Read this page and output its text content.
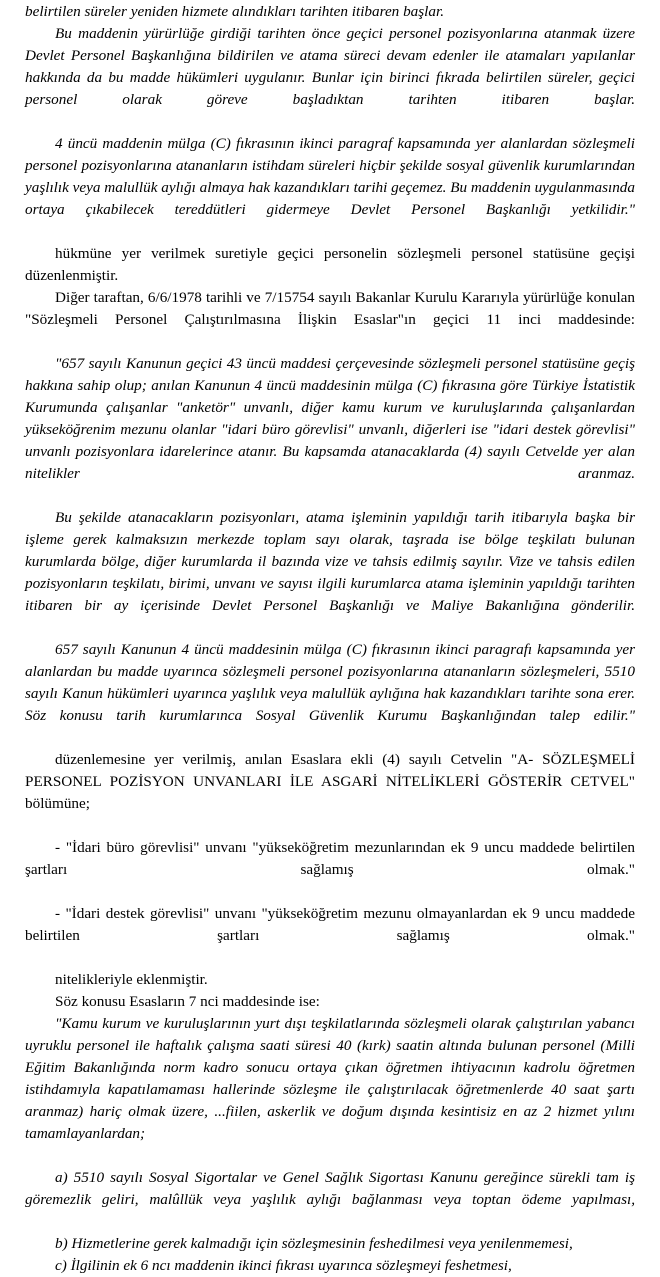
belirtilen süreler yeniden hizmete alındıkları tarihten itibaren başlar.

Bu maddenin yürürlüğe girdiği tarihten önce geçici personel pozisyonlarına atanmak üzere Devlet Personel Başkanlığına bildirilen ve atama süreci devam edenler ile atamaları yapılanlar hakkında da bu madde hükümleri uygulanır. Bunlar için birinci fıkrada belirtilen süreler, geçici personel olarak göreve başladıktan tarihten itibaren başlar.

4 üncü maddenin mülga (C) fıkrasının ikinci paragraf kapsamında yer alanlardan sözleşmeli personel pozisyonlarına atananların istihdam süreleri hiçbir şekilde sosyal güvenlik kurumlarından yaşlılık veya malullük aylığı almaya hak kazandıkları tarihi geçemez. Bu maddenin uygulanmasında ortaya çıkabilecek tereddütleri gidermeye Devlet Personel Başkanlığı yetkilidir."

hükmüne yer verilmek suretiyle geçici personelin sözleşmeli personel statüsüne geçişi düzenlenmiştir.

Diğer taraftan, 6/6/1978 tarihli ve 7/15754 sayılı Bakanlar Kurulu Kararıyla yürürlüğe konulan "Sözleşmeli Personel Çalıştırılmasına İlişkin Esaslar"ın geçici 11 inci maddesinde:

"657 sayılı Kanunun geçici 43 üncü maddesi çerçevesinde sözleşmeli personel statüsüne geçiş hakkına sahip olup; anılan Kanunun 4 üncü maddesinin mülga (C) fıkrasına göre Türkiye İstatistik Kurumunda çalışanlar "anketör" unvanlı, diğer kamu kurum ve kuruluşlarında çalışanlardan yükseköğrenim mezunu olanlar "idari büro görevlisi" unvanlı, diğerleri ise "idari destek görevlisi" unvanlı pozisyonlara idarelerince atanır. Bu kapsamda atanacaklarda (4) sayılı Cetvelde yer alan nitelikler aranmaz.

Bu şekilde atanacakların pozisyonları, atama işleminin yapıldığı tarih itibarıyla başka bir işleme gerek kalmaksızın merkezde toplam sayı olarak, taşrada ise bölge teşkilatı bulunan kurumlarda bölge, diğer kurumlarda il bazında vize ve tahsis edilmiş sayılır. Vize ve tahsis edilen pozisyonların teşkilatı, birimi, unvanı ve sayısı ilgili kurumlarca atama işleminin yapıldığı tarihten itibaren bir ay içerisinde Devlet Personel Başkanlığı ve Maliye Bakanlığına gönderilir.

657 sayılı Kanunun 4 üncü maddesinin mülga (C) fıkrasının ikinci paragrafı kapsamında yer alanlardan bu madde uyarınca sözleşmeli personel pozisyonlarına atananların sözleşmeleri, 5510 sayılı Kanun hükümleri uyarınca yaşlılık veya malullük aylığına hak kazandıkları tarihte sona erer. Söz konusu tarih kurumlarınca Sosyal Güvenlik Kurumu Başkanlığından talep edilir."

düzenlemesine yer verilmiş, anılan Esaslara ekli (4) sayılı Cetvelin "A- SÖZLEŞMELİ PERSONEL POZİSYON UNVANLARI İLE ASGARİ NİTELİKLERİ GÖSTERİR CETVEL" bölümüne;

- "İdari büro görevlisi" unvanı "yükseköğretim mezunlarından ek 9 uncu maddede belirtilen şartları sağlamış olmak."

- "İdari destek görevlisi" unvanı "yükseköğretim mezunu olmayanlardan ek 9 uncu maddede belirtilen şartları sağlamış olmak."

nitelikleriyle eklenmiştir.

Söz konusu Esasların 7 nci maddesinde ise:

"Kamu kurum ve kuruluşlarının yurt dışı teşkilatlarında sözleşmeli olarak çalıştırılan yabancı uyruklu personel ile haftalık çalışma saati süresi 40 (kırk) saatin altında bulunan personel (Milli Eğitim Bakanlığında norm kadro sonucu ortaya çıkan öğretmen ihtiyacının kadrolu öğretmen istihdamıyla kapatılamaması hallerinde sözleşme ile çalıştırılacak öğretmenlerde 40 saat şartı aranmaz) hariç olmak üzere, ...fiilen, askerlik ve doğum dışında kesintisiz en az 2 hizmet yılını tamamlayanlardan;

a) 5510 sayılı Sosyal Sigortalar ve Genel Sağlık Sigortası Kanunu gereğince sürekli tam iş göremezlik geliri, malûllük veya yaşlılık aylığı bağlanması veya toptan ödeme yapılması,

b) Hizmetlerine gerek kalmadığı için sözleşmesinin feshedilmesi veya yenilenmemesi,

c) İlgilinin ek 6 ncı maddenin ikinci fıkrası uyarınca sözleşmeyi feshetmesi,
